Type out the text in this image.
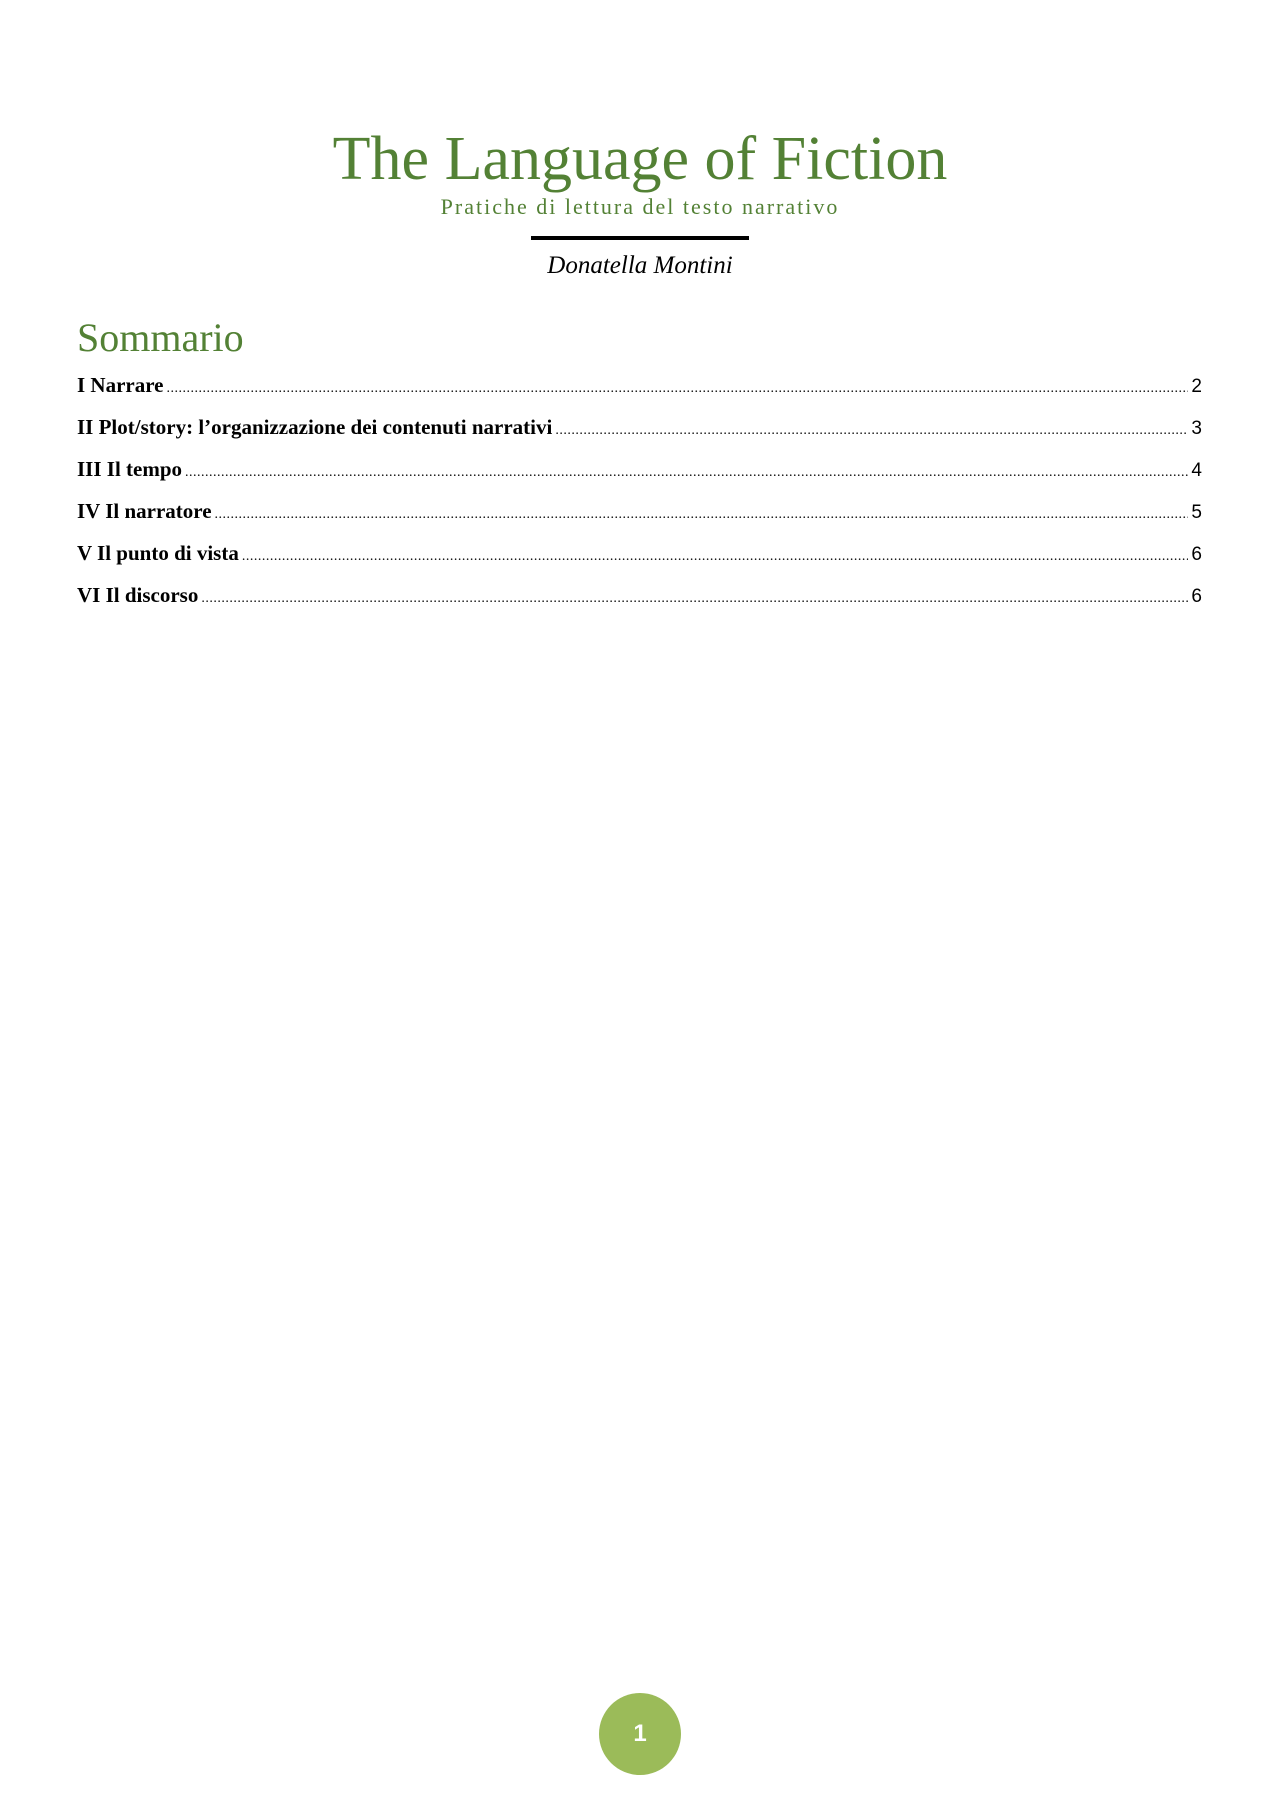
The Language of Fiction
Pratiche di lettura del testo narrativo
Donatella Montini
Sommario
I Narrare .....	2
II Plot/story: l’organizzazione dei contenuti narrativi .....	3
III Il tempo .....	4
IV Il narratore .....	5
V Il punto di vista .....	6
VI Il discorso .....	6
1
